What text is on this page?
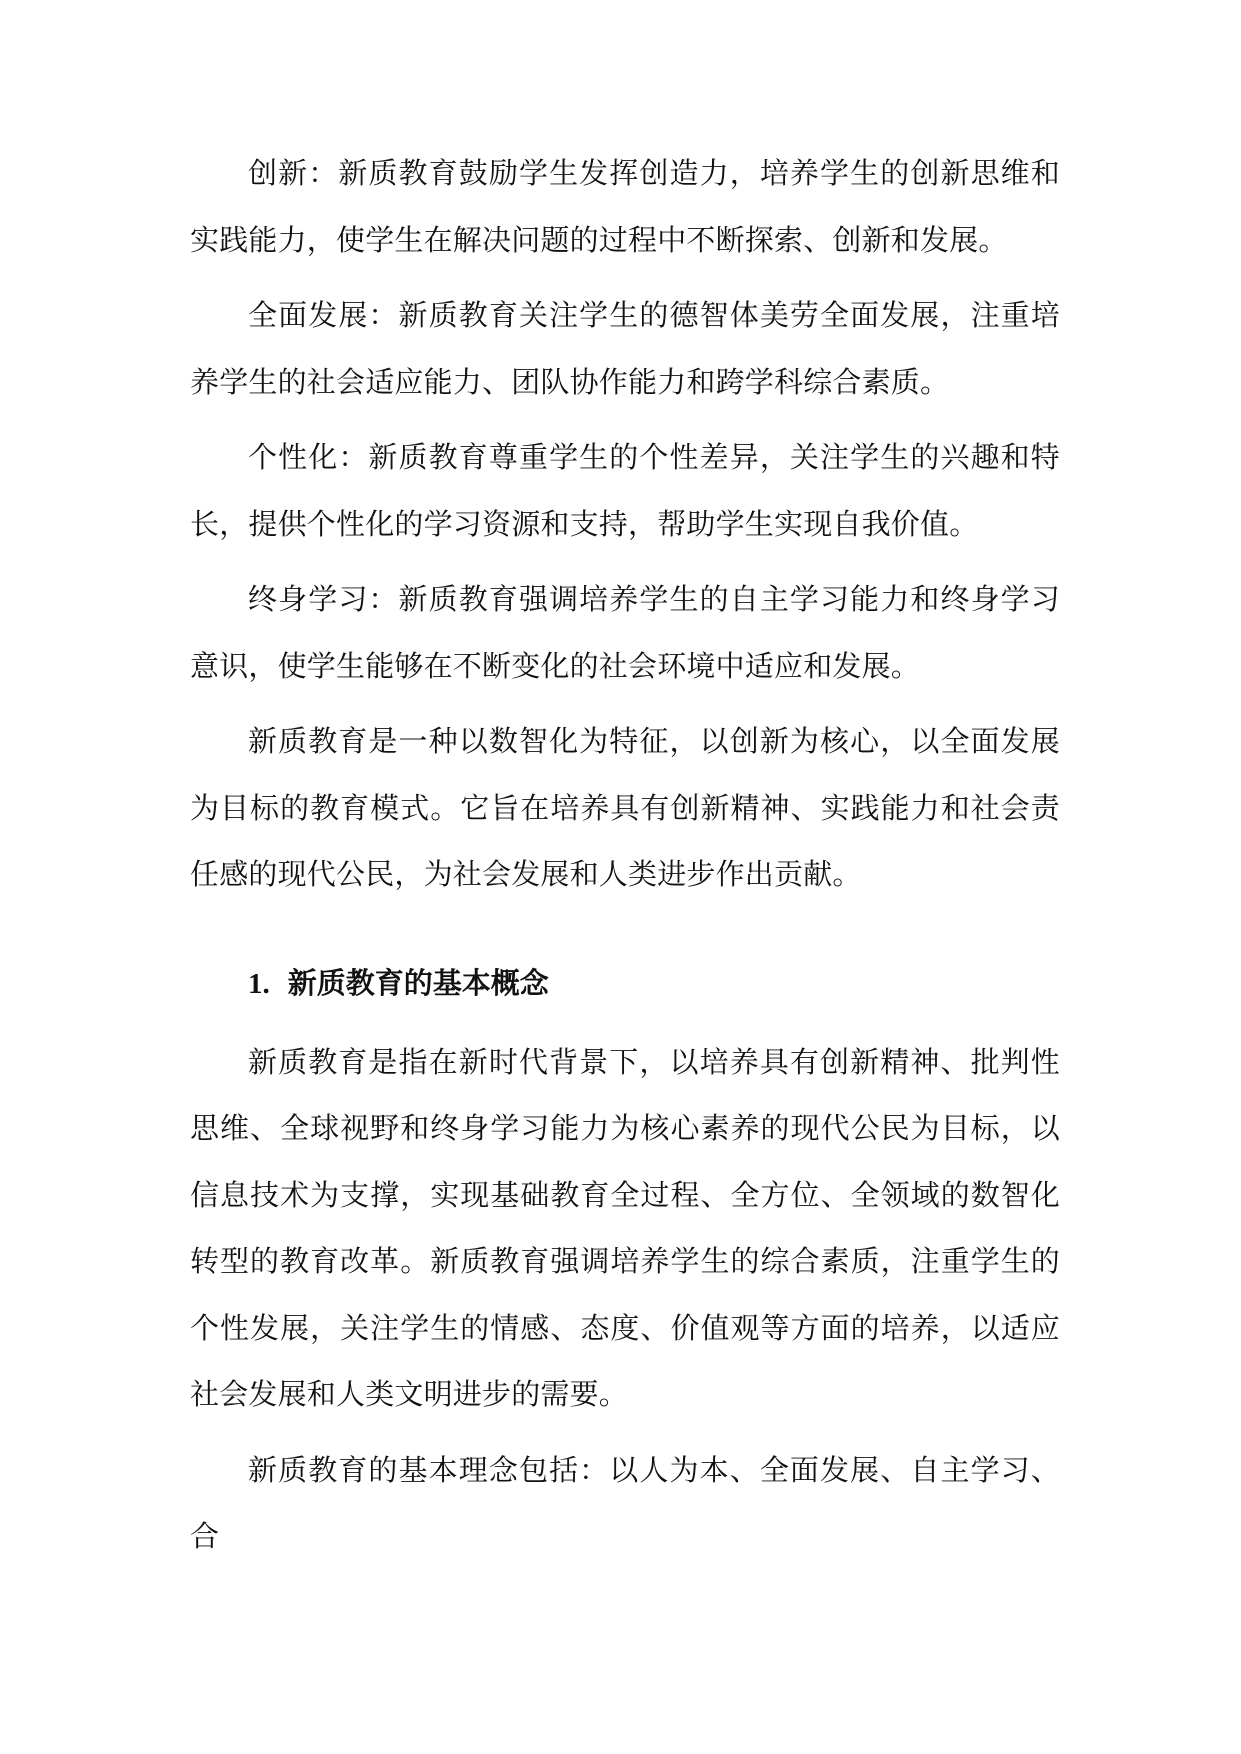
创新：新质教育鼓励学生发挥创造力，培养学生的创新思维和实践能力，使学生在解决问题的过程中不断探索、创新和发展。

全面发展：新质教育关注学生的德智体美劳全面发展，注重培养学生的社会适应能力、团队协作能力和跨学科综合素质。

个性化：新质教育尊重学生的个性差异，关注学生的兴趣和特长，提供个性化的学习资源和支持，帮助学生实现自我价值。

终身学习：新质教育强调培养学生的自主学习能力和终身学习意识，使学生能够在不断变化的社会环境中适应和发展。

新质教育是一种以数智化为特征，以创新为核心，以全面发展为目标的教育模式。它旨在培养具有创新精神、实践能力和社会责任感的现代公民，为社会发展和人类进步作出贡献。

1. 新质教育的基本概念

新质教育是指在新时代背景下，以培养具有创新精神、批判性思维、全球视野和终身学习能力为核心素养的现代公民为目标，以信息技术为支撑，实现基础教育全过程、全方位、全领域的数智化转型的教育改革。新质教育强调培养学生的综合素质，注重学生的个性发展，关注学生的情感、态度、价值观等方面的培养，以适应社会发展和人类文明进步的需要。

新质教育的基本理念包括：以人为本、全面发展、自主学习、合
